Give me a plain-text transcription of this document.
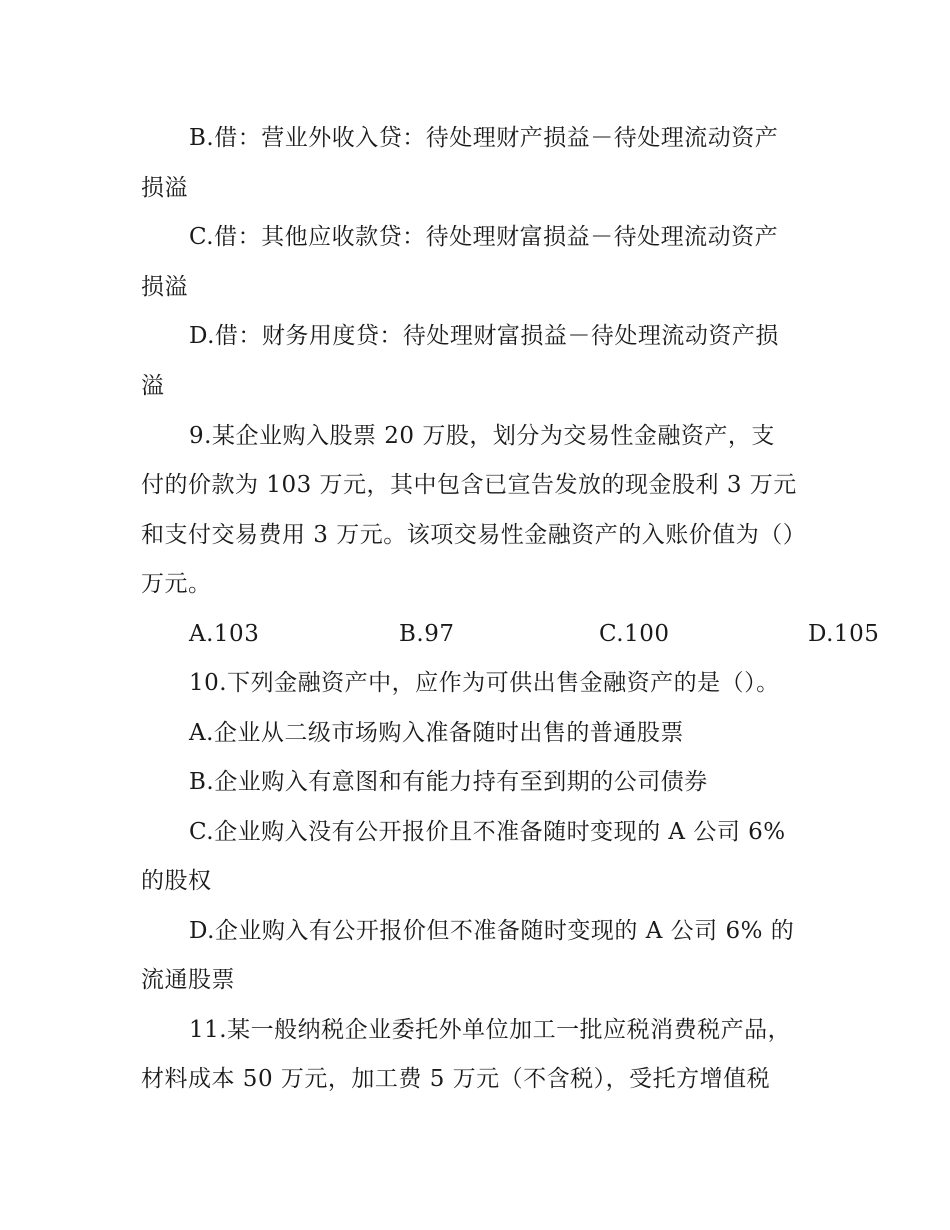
B.借：营业外收入贷：待处理财产损益－待处理流动资产
损溢
C.借：其他应收款贷：待处理财富损益－待处理流动资产
损溢
D.借：财务用度贷：待处理财富损益－待处理流动资产损
溢
9.某企业购入股票 20 万股，划分为交易性金融资产，支
付的价款为 103 万元，其中包含已宣告发放的现金股利 3 万元
和支付交易费用 3 万元。该项交易性金融资产的入账价值为（）
万元。
A.103	B.97	C.100	D.105
10.下列金融资产中，应作为可供出售金融资产的是（）。
A.企业从二级市场购入准备随时出售的普通股票
B.企业购入有意图和有能力持有至到期的公司债券
C.企业购入没有公开报价且不准备随时变现的 A 公司 6%
的股权
D.企业购入有公开报价但不准备随时变现的 A 公司 6% 的
流通股票
11.某一般纳税企业委托外单位加工一批应税消费税产品，
材料成本 50 万元，加工费 5 万元（不含税），受托方增值税
